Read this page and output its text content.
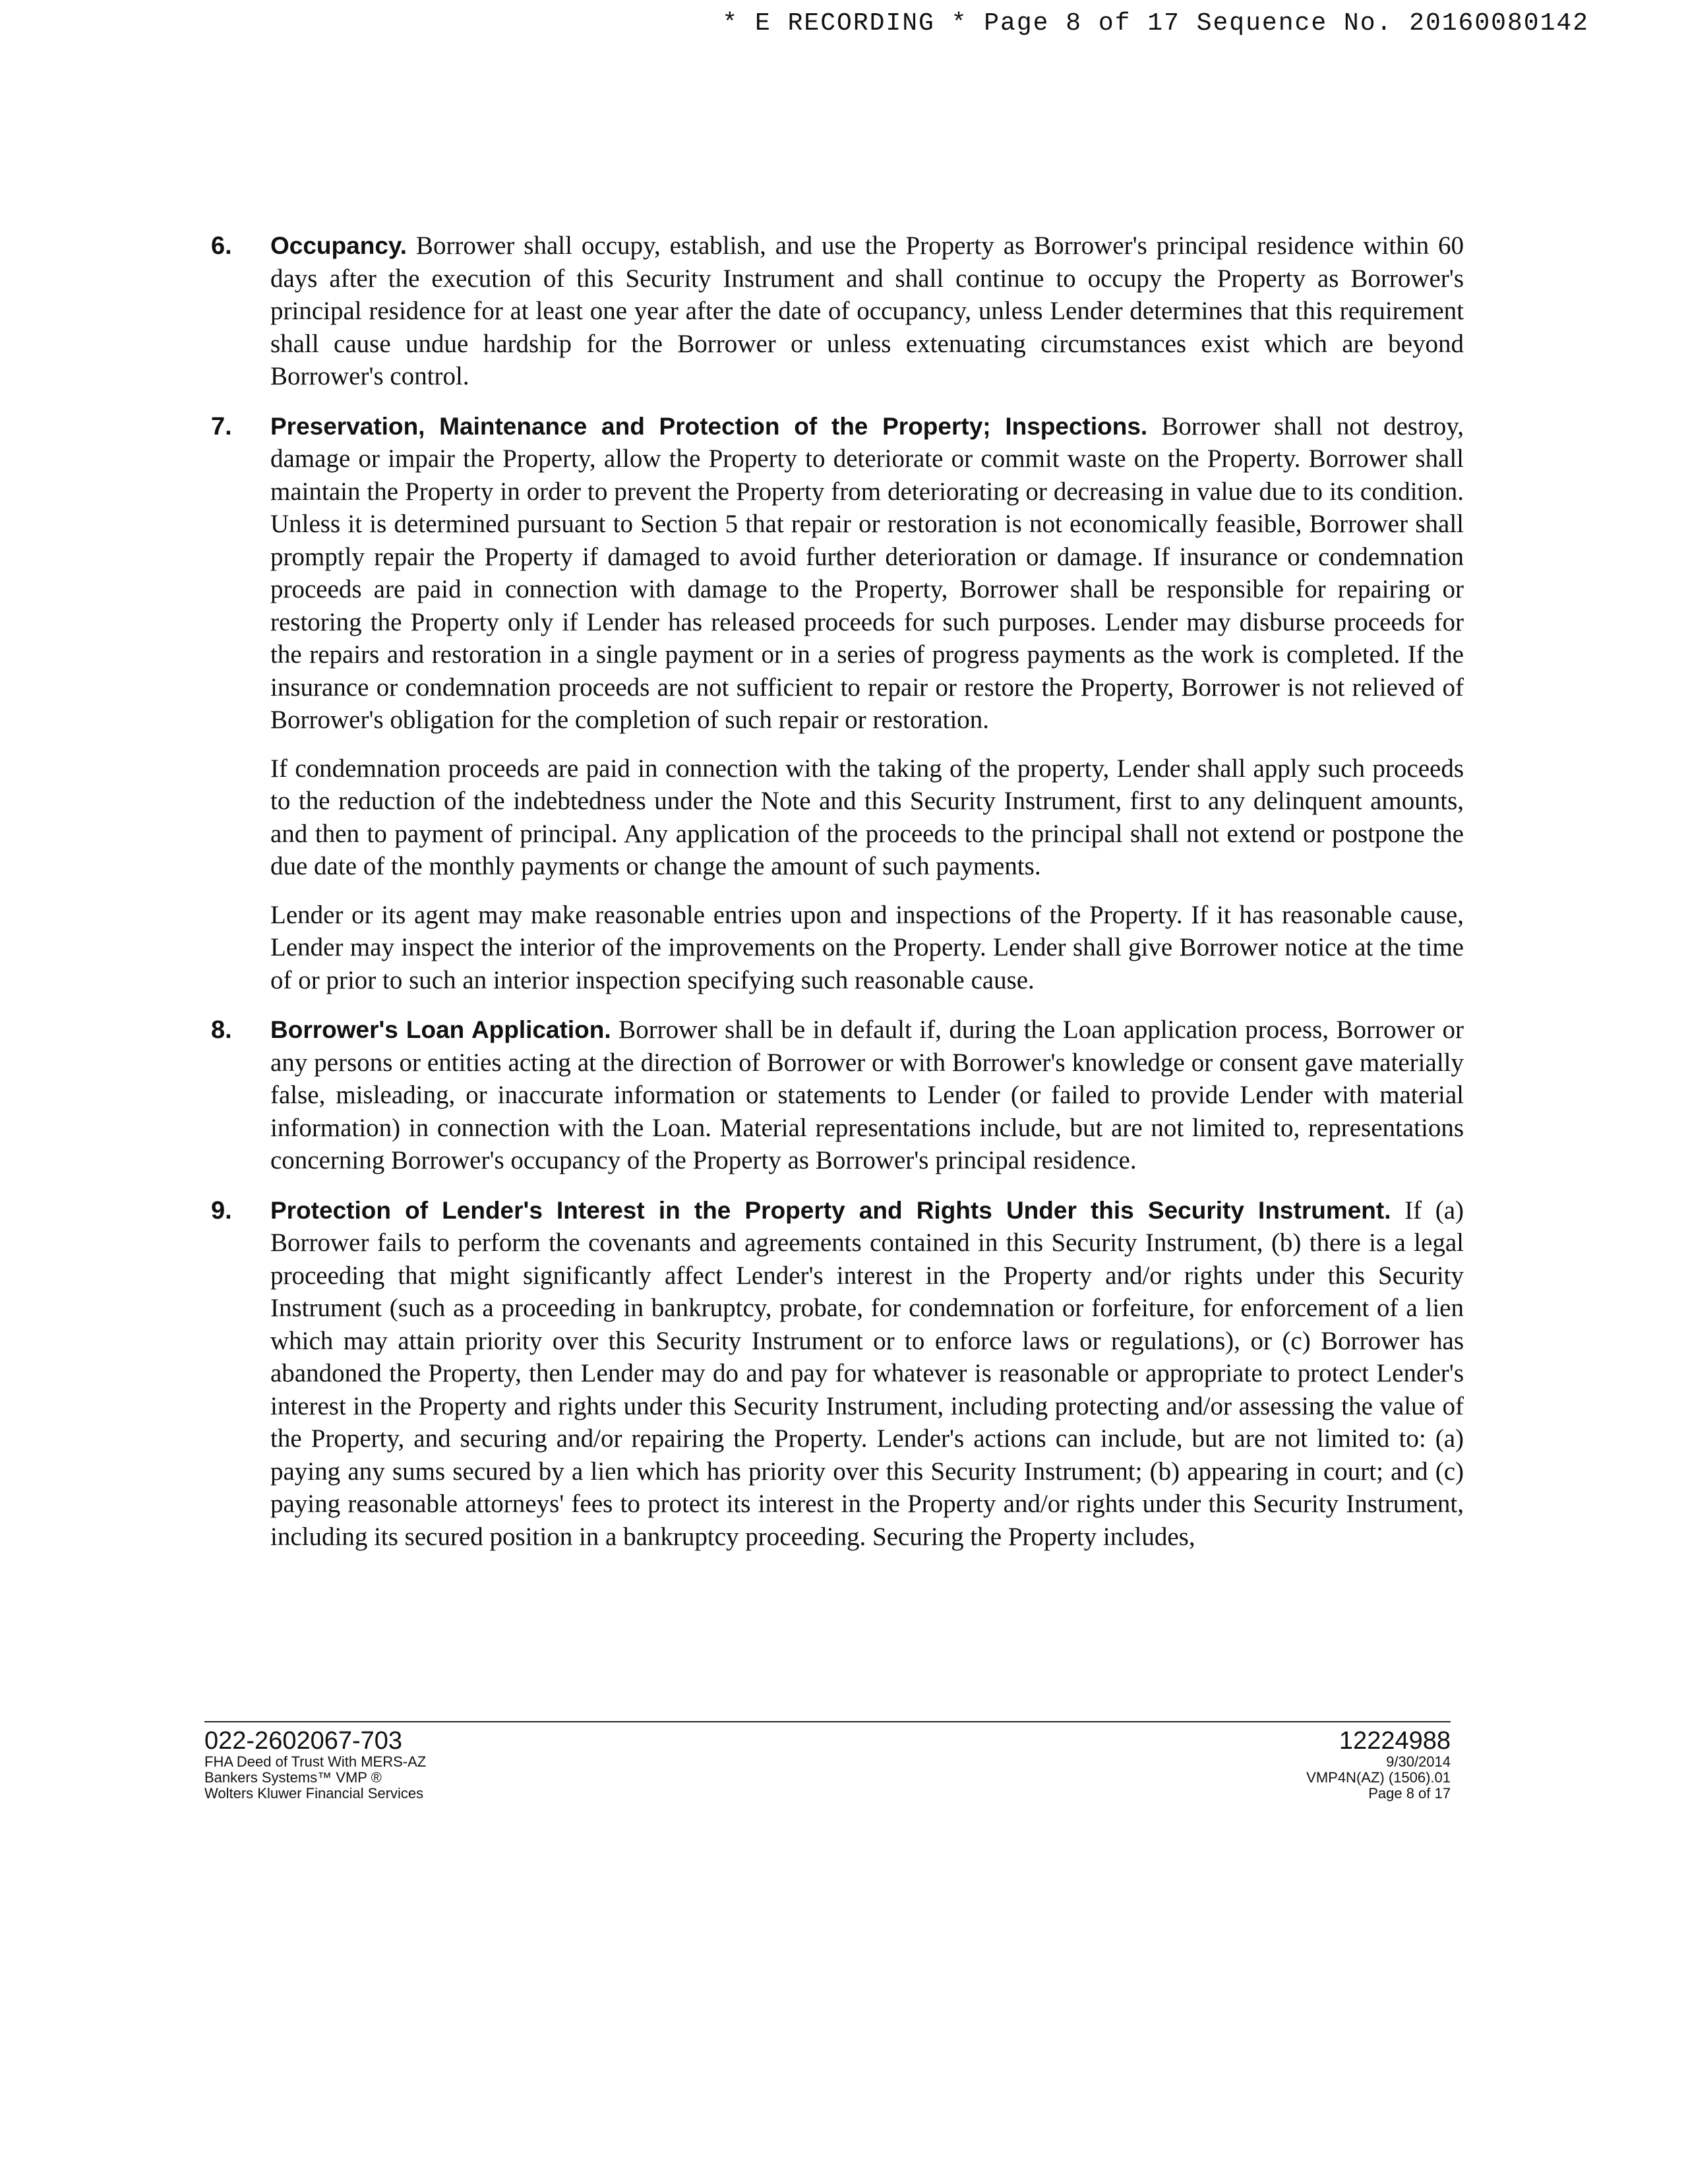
* E RECORDING * Page 8 of 17 Sequence No. 20160080142
6.	Occupancy. Borrower shall occupy, establish, and use the Property as Borrower's principal residence within 60 days after the execution of this Security Instrument and shall continue to occupy the Property as Borrower's principal residence for at least one year after the date of occupancy, unless Lender determines that this requirement shall cause undue hardship for the Borrower or unless extenuating circumstances exist which are beyond Borrower's control.

7.	Preservation, Maintenance and Protection of the Property; Inspections. Borrower shall not destroy, damage or impair the Property, allow the Property to deteriorate or commit waste on the Property. Borrower shall maintain the Property in order to prevent the Property from deteriorating or decreasing in value due to its condition. Unless it is determined pursuant to Section 5 that repair or restoration is not economically feasible, Borrower shall promptly repair the Property if damaged to avoid further deterioration or damage. If insurance or condemnation proceeds are paid in connection with damage to the Property, Borrower shall be responsible for repairing or restoring the Property only if Lender has released proceeds for such purposes. Lender may disburse proceeds for the repairs and restoration in a single payment or in a series of progress payments as the work is completed. If the insurance or condemnation proceeds are not sufficient to repair or restore the Property, Borrower is not relieved of Borrower's obligation for the completion of such repair or restoration.

If condemnation proceeds are paid in connection with the taking of the property, Lender shall apply such proceeds to the reduction of the indebtedness under the Note and this Security Instrument, first to any delinquent amounts, and then to payment of principal. Any application of the proceeds to the principal shall not extend or postpone the due date of the monthly payments or change the amount of such payments.

Lender or its agent may make reasonable entries upon and inspections of the Property. If it has reasonable cause, Lender may inspect the interior of the improvements on the Property. Lender shall give Borrower notice at the time of or prior to such an interior inspection specifying such reasonable cause.

8.	Borrower's Loan Application. Borrower shall be in default if, during the Loan application process, Borrower or any persons or entities acting at the direction of Borrower or with Borrower's knowledge or consent gave materially false, misleading, or inaccurate information or statements to Lender (or failed to provide Lender with material information) in connection with the Loan. Material representations include, but are not limited to, representations concerning Borrower's occupancy of the Property as Borrower's principal residence.

9.	Protection of Lender's Interest in the Property and Rights Under this Security Instrument. If (a) Borrower fails to perform the covenants and agreements contained in this Security Instrument, (b) there is a legal proceeding that might significantly affect Lender's interest in the Property and/or rights under this Security Instrument (such as a proceeding in bankruptcy, probate, for condemnation or forfeiture, for enforcement of a lien which may attain priority over this Security Instrument or to enforce laws or regulations), or (c) Borrower has abandoned the Property, then Lender may do and pay for whatever is reasonable or appropriate to protect Lender's interest in the Property and rights under this Security Instrument, including protecting and/or assessing the value of the Property, and securing and/or repairing the Property. Lender's actions can include, but are not limited to: (a) paying any sums secured by a lien which has priority over this Security Instrument; (b) appearing in court; and (c) paying reasonable attorneys' fees to protect its interest in the Property and/or rights under this Security Instrument, including its secured position in a bankruptcy proceeding. Securing the Property includes,

022-2602067-703
FHA Deed of Trust With MERS-AZ
Bankers Systems™ VMP ®
Wolters Kluwer Financial Services
12224988
9/30/2014
VMP4N(AZ) (1506).01
Page 8 of 17
